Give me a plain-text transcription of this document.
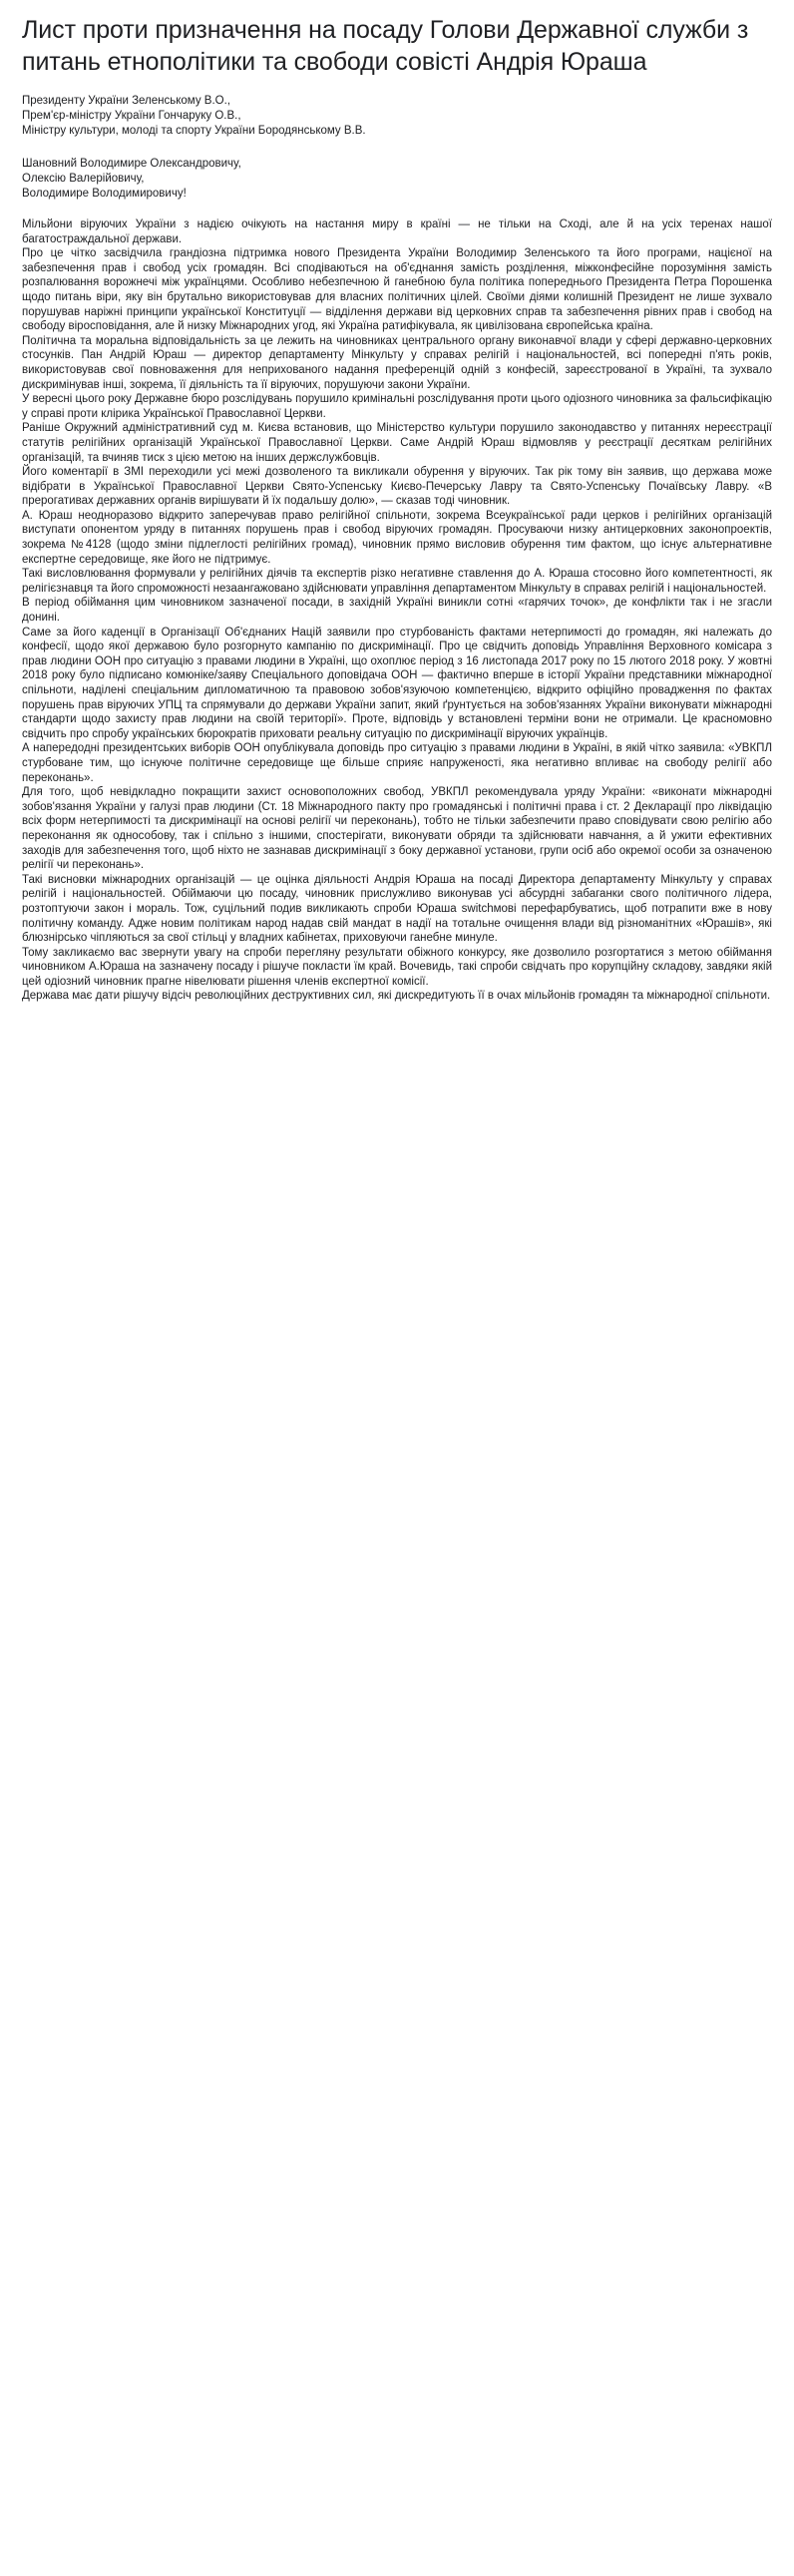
Лист проти призначення на посаду Голови Державної служби з питань етнополітики та свободи совісті Андрія Юраша

Президенту України Зеленському В.О.,

Прем'єр-міністру України Гончаруку О.В.,

Міністру культури, молоді та спорту України Бородянському В.В.

Шановний Володимире Олександровичу,

Олексію Валерійовичу,

Володимире Володимировичу!

Мільйони віруючих України з надією очікують на настання миру в країні — не тільки на Сході, але й на усіх теренах нашої багатостраждальної держави.

Про це чітко засвідчила грандіозна підтримка нового Президента України Володимир Зеленського та його програми, націєної на забезпечення прав і свобод усіх громадян. Всі сподіваються на об'єднання замість розділення, міжконфесійне порозуміння замість розпалювання ворожнечі між українцями. Особливо небезпечною й ганебною була політика попереднього Президента Петра Порошенка щодо питань віри, яку він брутально використовував для власних політичних цілей. Своїми діями колишній Президент не лише зухвало порушував наріжні принципи української Конституції — відділення держави від церковних справ та забезпечення рівних прав і свобод на свободу віросповідання, але й низку Міжнародних угод, які Україна ратифікувала, як цивілізована європейська країна.

Політична та моральна відповідальність за це лежить на чиновниках центрального органу виконавчої влади у сфері державно-церковних стосунків. Пан Андрій Юраш — директор департаменту Мінкульту у справах релігій і національностей, всі попередні п'ять років, використовував свої повноваження для неприхованого надання преференцій одній з конфесій, зареєстрованої в Україні, та зухвало дискримінував інші, зокрема, її діяльність та її віруючих, порушуючи закони України.

У вересні цього року Державне бюро розслідувань порушило кримінальні розслідування проти цього одіозного чиновника за фальсифікацію у справі проти клірика Української Православної Церкви.

Раніше Окружний адміністративний суд м. Києва встановив, що Міністерство культури порушило законодавство у питаннях нереєстрації статутів релігійних організацій Української Православної Церкви. Саме Андрій Юраш відмовляв у реєстрації десяткам релігійних організацій, та вчиняв тиск з цією метою на інших держслужбовців.

Його коментарії в ЗМІ переходили усі межі дозволеного та викликали обурення у віруючих. Так рік тому він заявив, що держава може відібрати в Української Православної Церкви Свято-Успенську Києво-Печерську Лавру та Свято-Успенську Почаївську Лавру. «В прерогативах державних органів вирішувати й їх подальшу долю», — сказав тоді чиновник.

А. Юраш неодноразово відкрито заперечував право релігійної спільноти, зокрема Всеукраїнської ради церков і релігійних організацій виступати опонентом уряду в питаннях порушень прав і свобод віруючих громадян. Просуваючи низку антицерковних законопроектів, зокрема №4128 (щодо зміни підлеглості релігійних громад), чиновник прямо висловив обурення тим фактом, що існує альтернативне експертне середовище, яке його не підтримує.

Такі висловлювання формували у релігійних діячів та експертів різко негативне ставлення до А. Юраша стосовно його компетентності, як релігієзнавця та його спроможності незаангажовано здійснювати управління департаментом Мінкульту в справах релігій і національностей.

В період обіймання цим чиновником зазначеної посади, в західній Україні виникли сотні «гарячих точок», де конфлікти так і не згасли донині.

Саме за його каденції в Організації Об'єднаних Націй заявили про стурбованість фактами нетерпимості до громадян, які належать до конфесії, щодо якої державою було розгорнуто кампанію по дискримінації. Про це свідчить доповідь Управління Верховного комісара з прав людини ООН про ситуацію з правами людини в Україні, що охоплює період з 16 листопада 2017 року по 15 лютого 2018 року. У жовтні 2018 року було підписано комюніке/заяву Спеціального доповідача ООН — фактично вперше в історії України представники міжнародної спільноти, наділені спеціальним дипломатичною та правовою зобов'язуючою компетенцією, відкрито офіційно провадження по фактах порушень прав віруючих УПЦ та спрямували до держави України запит, який ґрунтується на зобов'язаннях України виконувати міжнародні стандарти щодо захисту прав людини на своїй території». Проте, відповідь у встановлені терміни вони не отримали. Це красномовно свідчить про спробу українських бюрократів приховати реальну ситуацію по дискримінації віруючих українців.

А напередодні президентських виборів ООН опублікувала доповідь про ситуацію з правами людини в Україні, в якій чітко заявила: «УВКПЛ стурбоване тим, що існуюче політичне середовище ще більше сприяє напруженості, яка негативно впливає на свободу релігії або переконань».

Для того, щоб невідкладно покращити захист основоположних свобод, УВКПЛ рекомендувала уряду України: «виконати міжнародні зобов'язання України у галузі прав людини (Ст. 18 Міжнародного пакту про громадянські і політичні права і ст. 2 Декларації про ліквідацію всіх форм нетерпимості та дискримінації на основі релігії чи переконань), тобто не тільки забезпечити право сповідувати свою релігію або переконання як однособову, так і спільно з іншими, спостерігати, виконувати обряди та здійснювати навчання, а й ужити ефективних заходів для забезпечення того, щоб ніхто не зазнавав дискримінації з боку державної установи, групи осіб або окремої особи за означеною релігії чи переконань».

Такі висновки міжнародних організацій — це оцінка діяльності Андрія Юраша на посаді Директора департаменту Мінкульту у справах релігій і національностей. Обіймаючи цю посаду, чиновник прислужливо виконував усі абсурдні забаганки свого політичного лідера, розтоптуючи закон і мораль. Тож, суцільний подив викликають спроби Юраша switchмові перефарбуватись, щоб потрапити вже в нову політичну команду. Адже новим політикам народ надав свій мандат в надії на тотальне очищення влади від різноманітних «Юрашів», які блюзнірсько чіпляються за свої стільці у владних кабінетах, приховуючи ганебне минуле.

Тому закликаємо вас звернути увагу на спроби перегляну результати обіжного конкурсу, яке дозволило розгортатися з метою обіймання чиновником А.Юраша на зазначену посаду і рішуче покласти їм край. Вочевидь, такі спроби свідчать про корупційну складову, завдяки якій цей одіозний чиновник прагне нівелювати рішення членів експертної комісії.

Держава має дати рішучу відсіч революційних деструктивних сил, які дискредитують її в очах мільйонів громадян та міжнародної спільноти.
